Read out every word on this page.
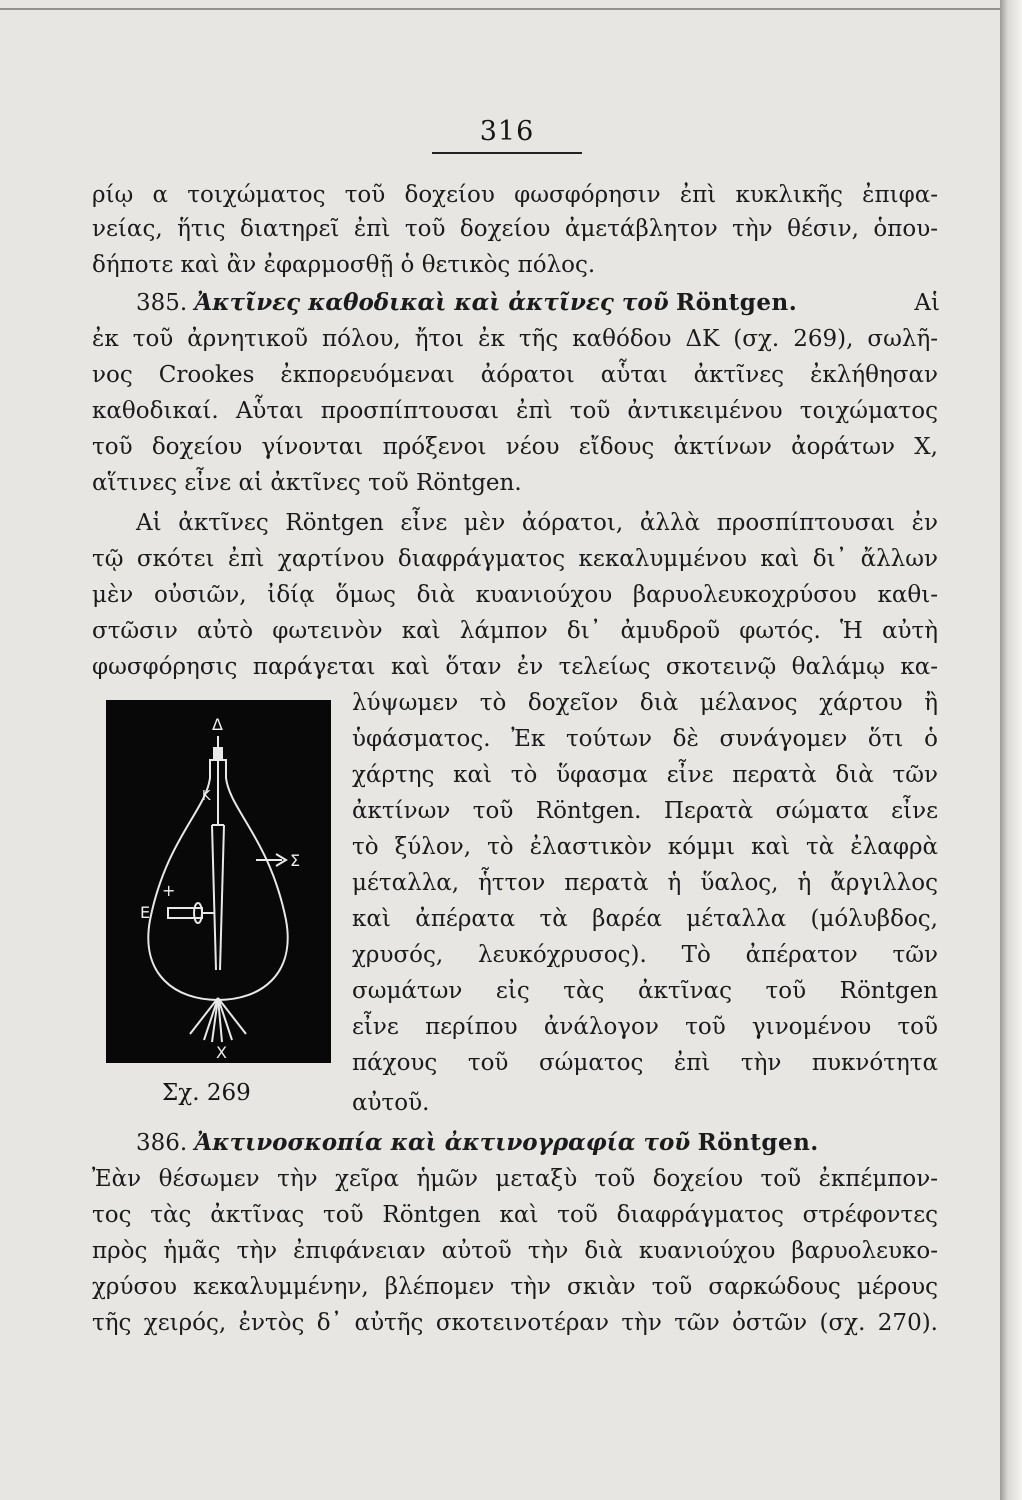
316
ρίῳ α τοιχώματος τοῦ δοχείου φωσφόρησιν ἐπὶ κυκλικῆς ἐπιφα-
νείας, ἥτις διατηρεῖ ἐπὶ τοῦ δοχείου ἀμετάβλητον τὴν θέσιν, ὁπου-
δήποτε καὶ ἂν ἐφαρμοσθῇ ὁ θετικὸς πόλος.
385. Ἀκτῖνες καθοδικαὶ καὶ ἀκτῖνες τοῦ Röntgen.	Αἱ
ἐκ τοῦ ἀρνητικοῦ πόλου, ἤτοι ἐκ τῆς καθόδου ΔΚ (σχ. 269), σωλῆ-
νος Crookes ἐκπορευόμεναι ἀόρατοι αὗται ἀκτῖνες ἐκλήθησαν
καθοδικαί. Αὗται προσπίπτουσαι ἐπὶ τοῦ ἀντικειμένου τοιχώματος
τοῦ δοχείου γίνονται πρόξενοι νέου εἴδους ἀκτίνων ἀοράτων Χ,
αἵτινες εἶνε αἱ ἀκτῖνες τοῦ Röntgen.
Αἱ ἀκτῖνες Röntgen εἶνε μὲν ἀόρατοι, ἀλλὰ προσπίπτουσαι ἐν
τῷ σκότει ἐπὶ χαρτίνου διαφράγματος κεκαλυμμένου καὶ δι᾽ ἄλλων
μὲν οὐσιῶν, ἰδίᾳ ὅμως διὰ κυανιούχου βαρυολευκοχρύσου καθι-
στῶσιν αὐτὸ φωτεινὸν καὶ λάμπον δι᾽ ἀμυδροῦ φωτός. Ἡ αὐτὴ
φωσφόρησις παράγεται καὶ ὅταν ἐν τελείως σκοτεινῷ θαλάμῳ κα-
λύψωμεν τὸ δοχεῖον διὰ μέλανος χάρτου ἢ
ὑφάσματος. Ἐκ τούτων δὲ συνάγομεν ὅτι ὁ
χάρτης καὶ τὸ ὕφασμα εἶνε περατὰ διὰ τῶν
ἀκτίνων τοῦ Röntgen. Περατὰ σώματα εἶνε
τὸ ξύλον, τὸ ἐλαστικὸν κόμμι καὶ τὰ ἐλαφρὰ
μέταλλα, ἧττον περατὰ ἡ ὕαλος, ἡ ἄργιλλος
καὶ ἀπέρατα τὰ βαρέα μέταλλα (μόλυβδος,
χρυσός, λευκόχρυσος). Τὸ ἀπέρατον τῶν
σωμάτων εἰς τὰς ἀκτῖνας τοῦ Röntgen
εἶνε περίπου ἀνάλογον τοῦ γινομένου τοῦ
πάχους τοῦ σώματος ἐπὶ τὴν πυκνότητα
αὐτοῦ.
Δ
K
Σ
Ε
+
Χ
Σχ. 269
386. Ἀκτινοσκοπία καὶ ἀκτινογραφία τοῦ Röntgen.
Ἐὰν θέσωμεν τὴν χεῖρα ἡμῶν μεταξὺ τοῦ δοχείου τοῦ ἐκπέμπον-
τος τὰς ἀκτῖνας τοῦ Röntgen καὶ τοῦ διαφράγματος στρέφοντες
πρὸς ἡμᾶς τὴν ἐπιφάνειαν αὐτοῦ τὴν διὰ κυανιούχου βαρυολευκο-
χρύσου κεκαλυμμένην, βλέπομεν τὴν σκιὰν τοῦ σαρκώδους μέρους
τῆς χειρός, ἐντὸς δ᾽ αὐτῆς σκοτεινοτέραν τὴν τῶν ὀστῶν (σχ. 270).
